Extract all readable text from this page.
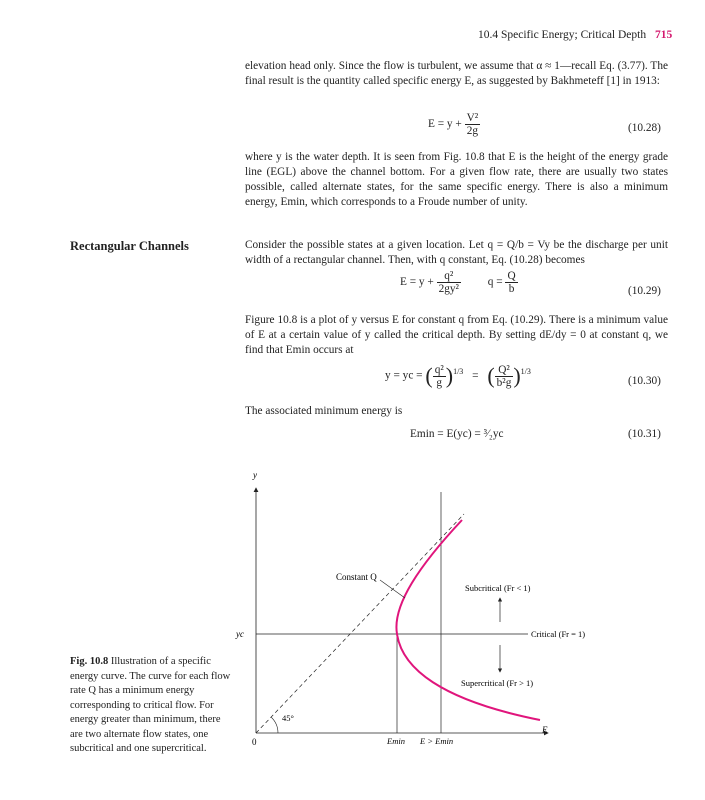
10.4 Specific Energy; Critical Depth 715
elevation head only. Since the flow is turbulent, we assume that α ≈ 1—recall Eq. (3.77). The final result is the quantity called specific energy E, as suggested by Bakhmeteff [1] in 1913:
$E = y + \frac{\text{V²}}{2g}$	(10.28)
where y is the water depth. It is seen from Fig. 10.8 that E is the height of the energy grade line (EGL) above the channel bottom. For a given flow rate, there are usually two states possible, called alternate states, for the same specific energy. There is also a minimum energy, Emin, which corresponds to a Froude number of unity.
Rectangular Channels	Consider the possible states at a given location. Let q = Q/b = Vy be the discharge per unit width of a rectangular channel. Then, with q constant, Eq. (10.28) becomes
$E = y + \frac{\text{q²}}{\text{2gy²}}$ $q = \frac{Q}{b}$	(10.29)
Figure 10.8 is a plot of y versus E for constant q from Eq. (10.29). There is a minimum value of E at a certain value of y called the critical depth. By setting dE/dy = 0 at constant q, we find that Emin occurs at
y = yc = ( $\frac{\text{q²}}{g} )^{1/3}$ = ( $\frac{\text{Q²}}{\text{b²g}} )^{1/3}$
(10.30)
The associated minimum energy is
Emin = E(yc) = ³⁄₂yc	(10.31)
Fig. 10.8 Illustration of a specific energy curve. The curve for each flow rate Q has a minimum energy corresponding to critical flow. For energy greater than minimum, there are two alternate flow states, one subcritical and one supercritical.
y
E
0
yc
Constant Q
45°
Subcritical (Fr < 1)
Critical (Fr = 1)
Supercritical (Fr > 1)
Emin E > Emin
